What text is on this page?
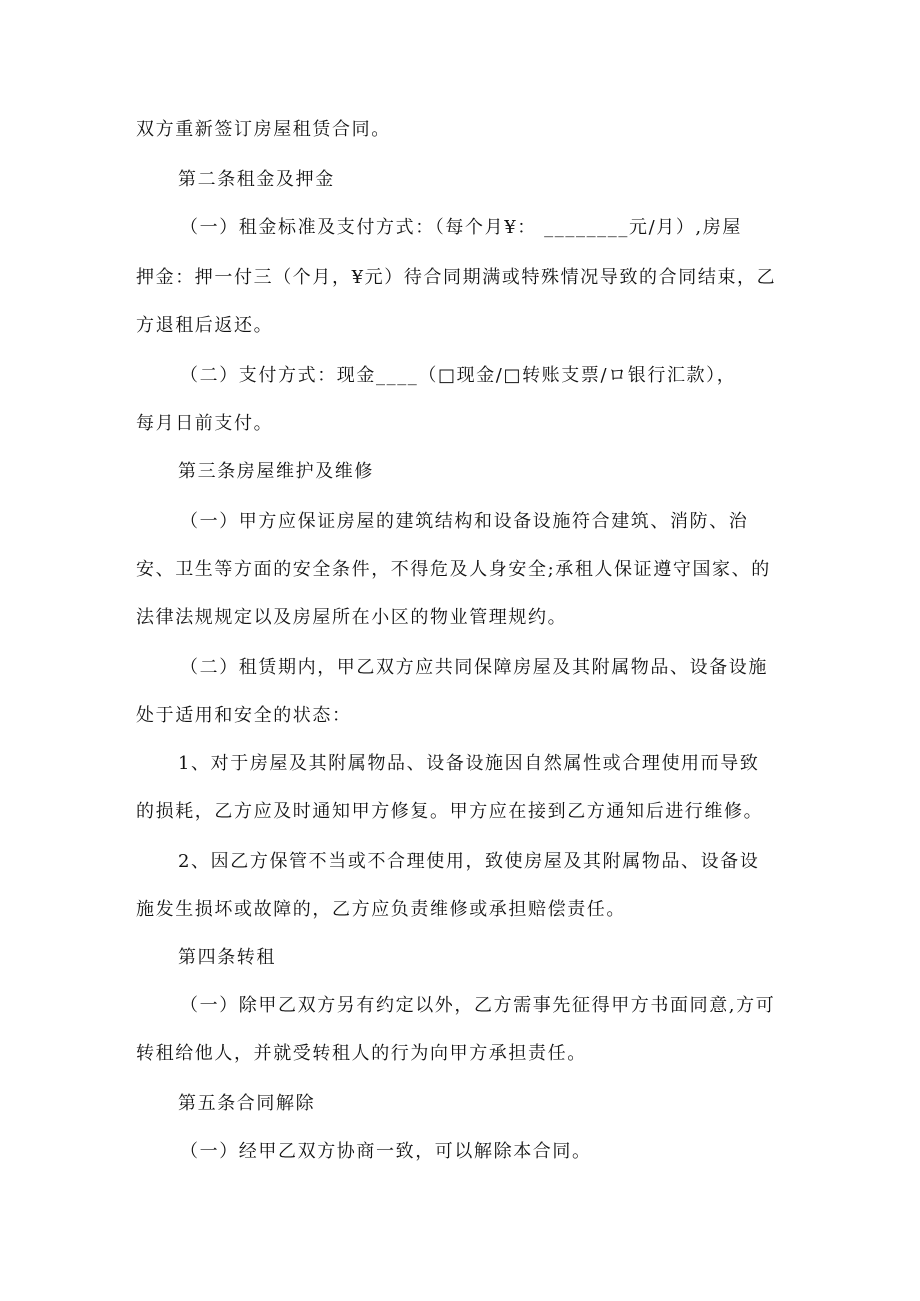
双方重新签订房屋租赁合同。
第二条租金及押金
（一）租金标准及支付方式：（每个月¥： ________元/月）,房屋
押金：押一付三（个月，¥元）待合同期满或特殊情况导致的合同结束，乙
方退租后返还。
（二）支付方式：现金____（□现金/□转账支票/ロ银行汇款），
每月日前支付。
第三条房屋维护及维修
（一）甲方应保证房屋的建筑结构和设备设施符合建筑、消防、治
安、卫生等方面的安全条件，不得危及人身安全;承租人保证遵守国家、的
法律法规规定以及房屋所在小区的物业管理规约。
（二）租赁期内，甲乙双方应共同保障房屋及其附属物品、设备设施
处于适用和安全的状态：
1、对于房屋及其附属物品、设备设施因自然属性或合理使用而导致
的损耗，乙方应及时通知甲方修复。甲方应在接到乙方通知后进行维修。
2、因乙方保管不当或不合理使用，致使房屋及其附属物品、设备设
施发生损坏或故障的，乙方应负责维修或承担赔偿责任。
第四条转租
（一）除甲乙双方另有约定以外，乙方需事先征得甲方书面同意,方可
转租给他人，并就受转租人的行为向甲方承担责任。
第五条合同解除
（一）经甲乙双方协商一致，可以解除本合同。
